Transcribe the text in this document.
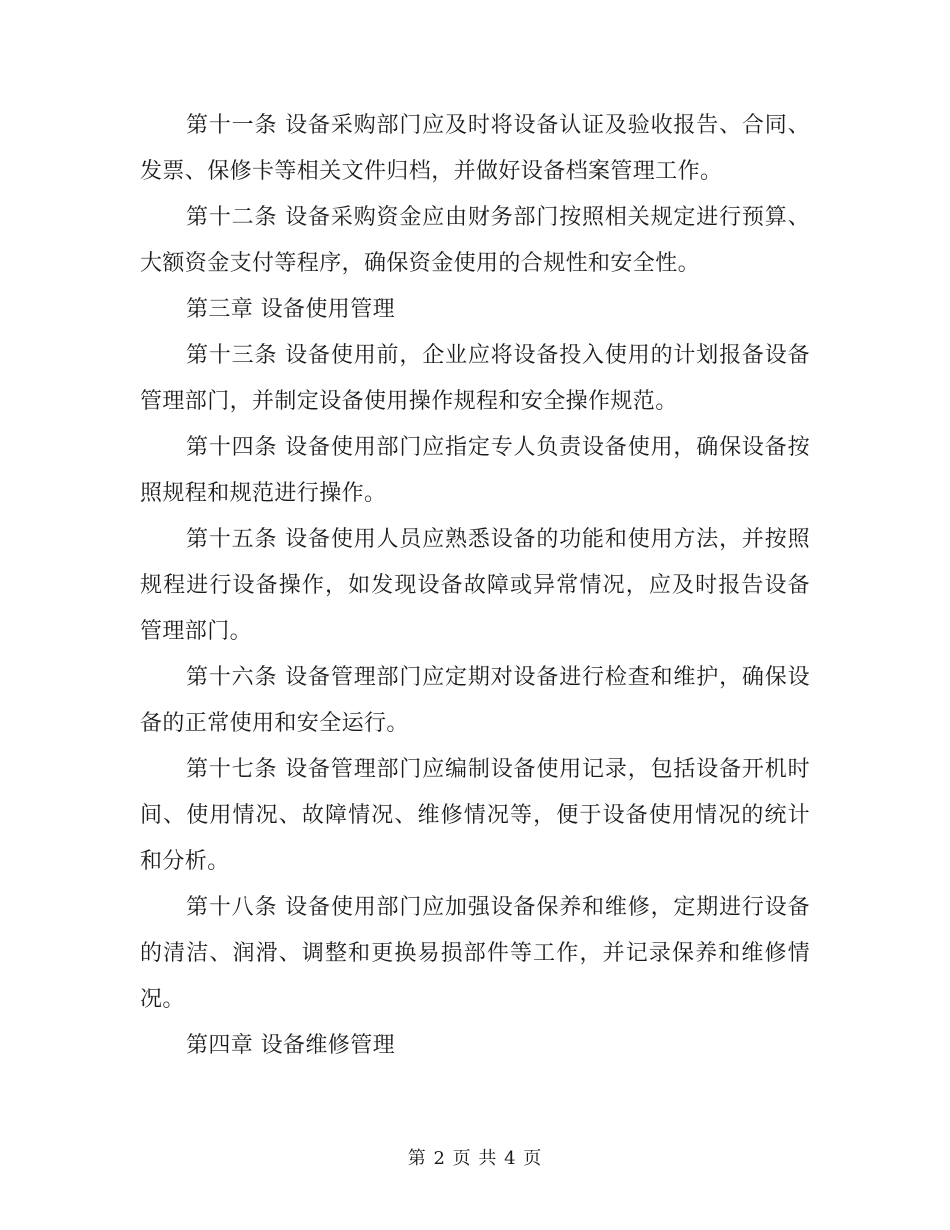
第十一条 设备采购部门应及时将设备认证及验收报告、合同、发票、保修卡等相关文件归档，并做好设备档案管理工作。

第十二条 设备采购资金应由财务部门按照相关规定进行预算、大额资金支付等程序，确保资金使用的合规性和安全性。

第三章 设备使用管理

第十三条 设备使用前，企业应将设备投入使用的计划报备设备管理部门，并制定设备使用操作规程和安全操作规范。

第十四条 设备使用部门应指定专人负责设备使用，确保设备按照规程和规范进行操作。

第十五条 设备使用人员应熟悉设备的功能和使用方法，并按照规程进行设备操作，如发现设备故障或异常情况，应及时报告设备管理部门。

第十六条 设备管理部门应定期对设备进行检查和维护，确保设备的正常使用和安全运行。

第十七条 设备管理部门应编制设备使用记录，包括设备开机时间、使用情况、故障情况、维修情况等，便于设备使用情况的统计和分析。

第十八条 设备使用部门应加强设备保养和维修，定期进行设备的清洁、润滑、调整和更换易损部件等工作，并记录保养和维修情况。

第四章 设备维修管理

第 2 页 共 4 页
